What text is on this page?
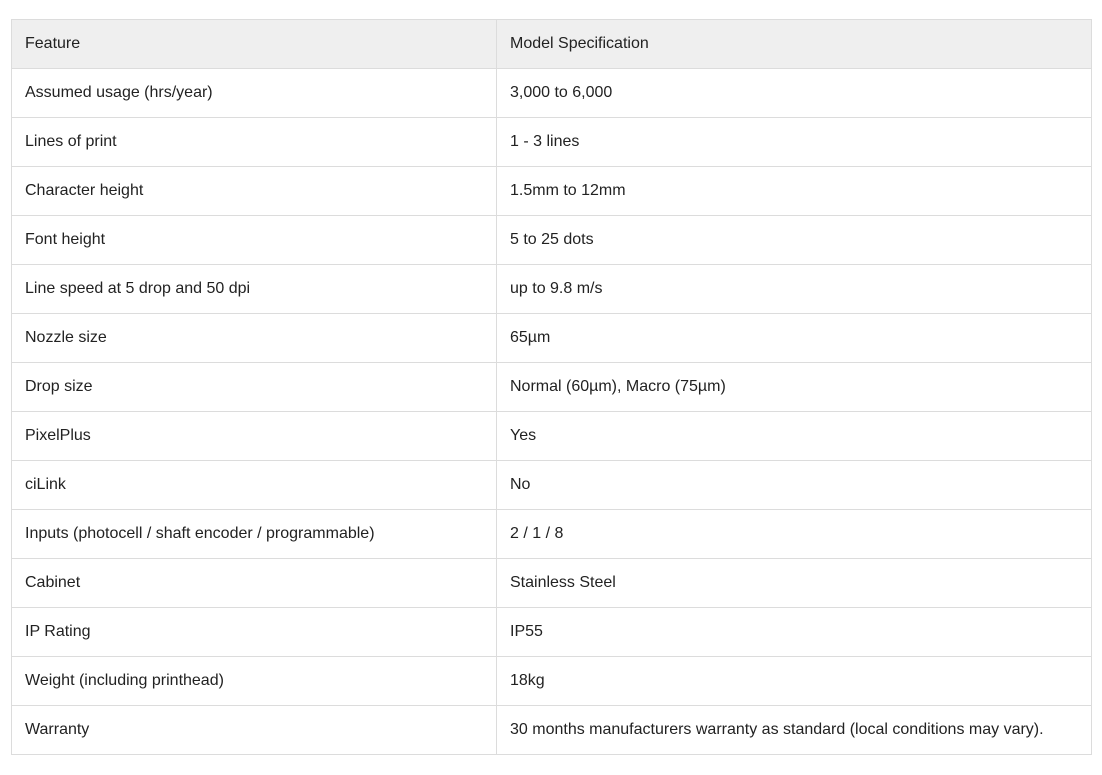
Feature	Model Specification
Assumed usage (hrs/year)	3,000 to 6,000
Lines of print	1 - 3 lines
Character height	1.5mm to 12mm
Font height	5 to 25 dots
Line speed at 5 drop and 50 dpi	up to 9.8 m/s
Nozzle size	65µm
Drop size	Normal (60µm), Macro (75µm)
PixelPlus	Yes
ciLink	No
Inputs (photocell / shaft encoder / programmable)	2 / 1 / 8
Cabinet	Stainless Steel
IP Rating	IP55
Weight (including printhead)	18kg
Warranty	30 months manufacturers warranty as standard (local conditions may vary).
